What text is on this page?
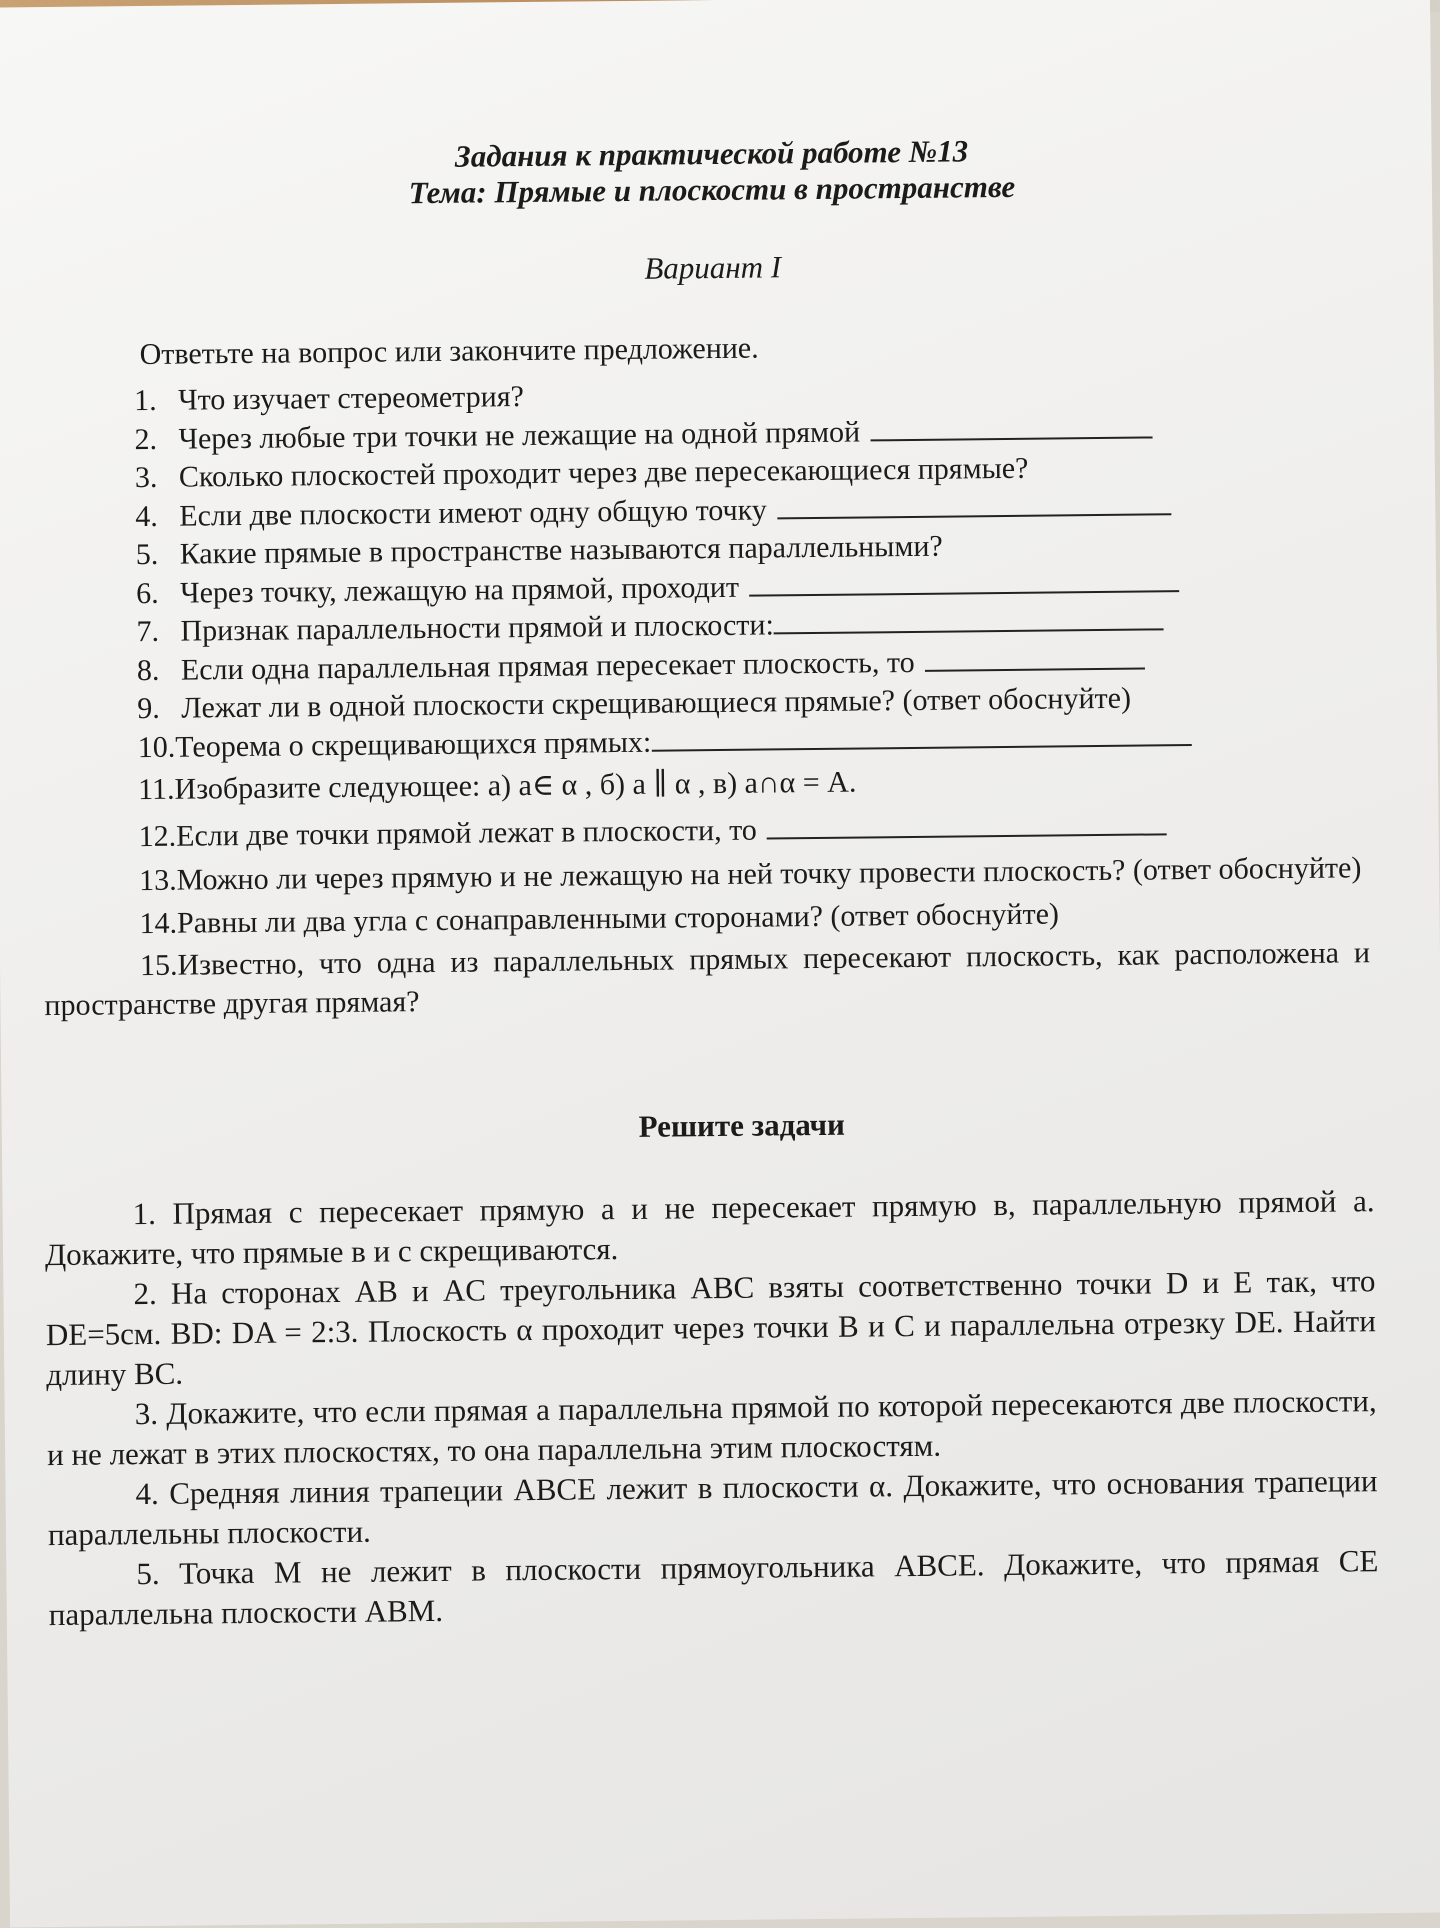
Задания к практической работе №13
Тема: Прямые и плоскости в пространстве
Вариант I
Ответьте на вопрос или закончите предложение.
1. Что изучает стереометрия?
2. Через любые три точки не лежащие на одной прямой
3. Сколько плоскостей проходит через две пересекающиеся прямые?
4. Если две плоскости имеют одну общую точку
5. Какие прямые в пространстве называются параллельными?
6. Через точку, лежащую на прямой, проходит
7. Признак параллельности прямой и плоскости:
8. Если одна параллельная прямая пересекает плоскость, то
9. Лежат ли в одной плоскости скрещивающиеся прямые? (ответ обоснуйте)
10. Теорема о скрещивающихся прямых:
11. Изобразите следующее: а) a∈ α , б) a ∥ α , в) a∩α = A.
12. Если две точки прямой лежат в плоскости, то
13.Можно ли через прямую и не лежащую на ней точку провести плоскость? (ответ обоснуйте)
14. Равны ли два угла с сонаправленными сторонами? (ответ обоснуйте)
15.Известно, что одна из параллельных прямых пересекают плоскость, как расположена и пространстве другая прямая?
Решите задачи
1. Прямая с пересекает прямую а и не пересекает прямую в, параллельную прямой а. Докажите, что прямые в и с скрещиваются.
2. На сторонах AB и AC треугольника ABC взяты соответственно точки D и E так, что DE=5см. BD: DA = 2:3. Плоскость α проходит через точки B и C и параллельна отрезку DE. Найти длину BC.
3. Докажите, что если прямая а параллельна прямой по которой пересекаются две плоскости, и не лежат в этих плоскостях, то она параллельна этим плоскостям.
4. Средняя линия трапеции ABCE лежит в плоскости α. Докажите, что основания трапеции параллельны плоскости.
5. Точка M не лежит в плоскости прямоугольника ABCE. Докажите, что прямая CE параллельна плоскости ABM.
